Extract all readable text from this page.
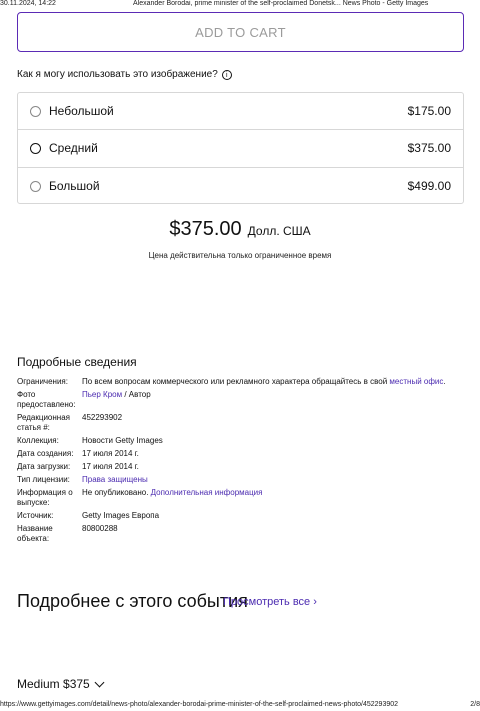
30.11.2024, 14:22	Alexander Borodai, prime minister of the self-proclaimed Donetsk... News Photo - Getty Images
ADD TO CART
Как я могу использовать это изображение?	i
Небольшой	$175.00
Средний	$375.00
Большой	$499.00
$375.00 Долл. США
Цена действительна только ограниченное время
Подробные сведения
Ограничения:	По всем вопросам коммерческого или рекламного характера обращайтесь в свой местный офис.
Фото предоставлено:
Пьер Кром / Автор
Редакционная статья #:
452293902
Коллекция:	Новости Getty Images
Дата создания:	17 июля 2014 г.
Дата загрузки:	17 июля 2014 г.
Тип лицензии:	Права защищены
Информация о выпуске:
Не опубликовано. Дополнительная информация
Источник:	Getty Images Европа
Название объекта:
80800288
Подробнее с этого события
Просмотреть все ›
Medium $375
https://www.gettyimages.com/detail/news-photo/alexander-borodai-prime-minister-of-the-self-proclaimed-news-photo/452293902	2/8
